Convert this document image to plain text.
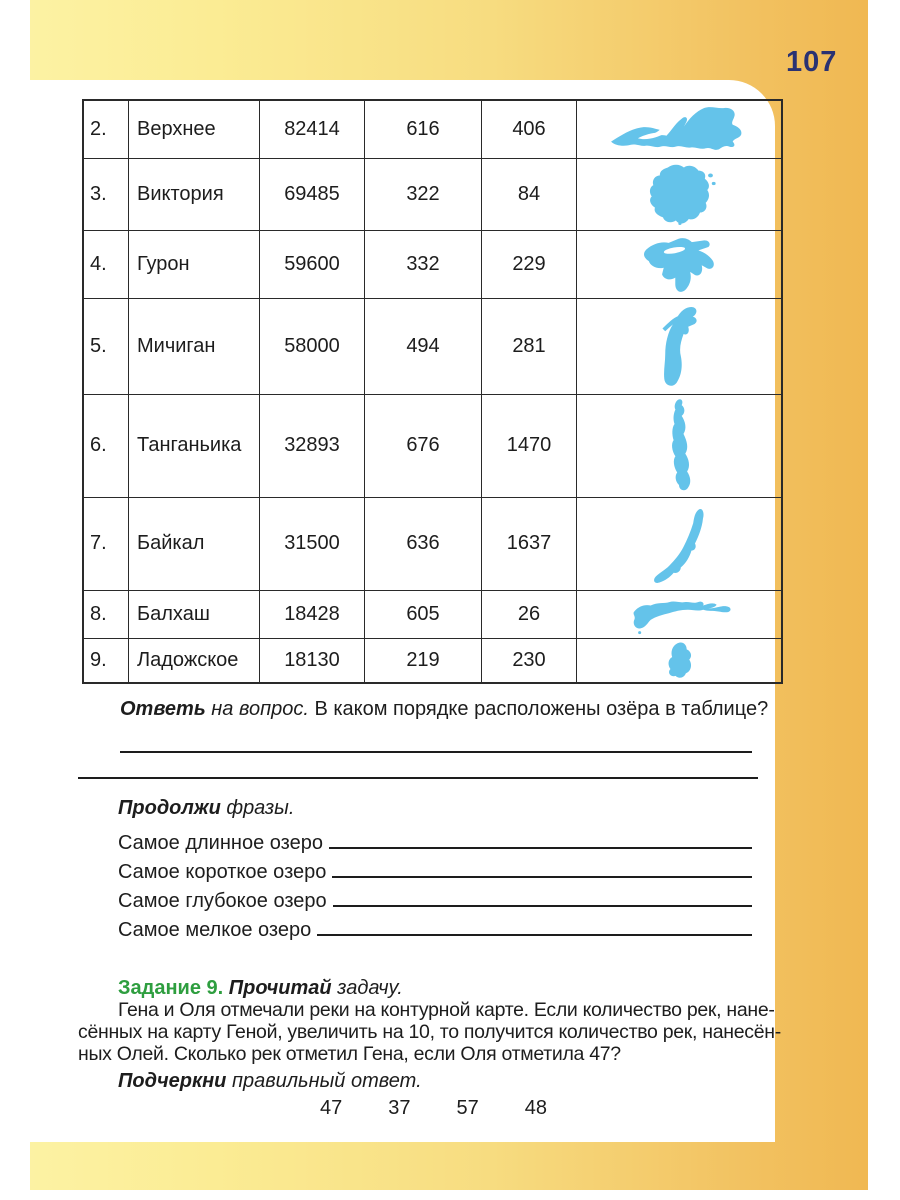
107
2.	Верхнее	82414	616	406	

3.	Виктория	69485	322	84	

4.	Гурон	59600	332	229	

5.	Мичиган	58000	494	281	

6.	Танганьика	32893	676	1470	

7.	Байкал	31500	636	1637	

8.	Балхаш	18428	605	26	

9.	Ладожское	18130	219	230	
Ответь на вопрос. В каком порядке расположены озёра в таблице?
Продолжи фразы.
Самое длинное озеро
Самое короткое озеро
Самое глубокое озеро
Самое мелкое озеро
Задание 9. Прочитай задачу.
Гена и Оля отмечали реки на контурной карте. Если количество рек, нане-
сённых на карту Геной, увеличить на 10, то получится количество рек, нанесён-
ных Олей. Сколько рек отметил Гена, если Оля отметила 47?
Подчеркни правильный ответ.
47 37 57 48
